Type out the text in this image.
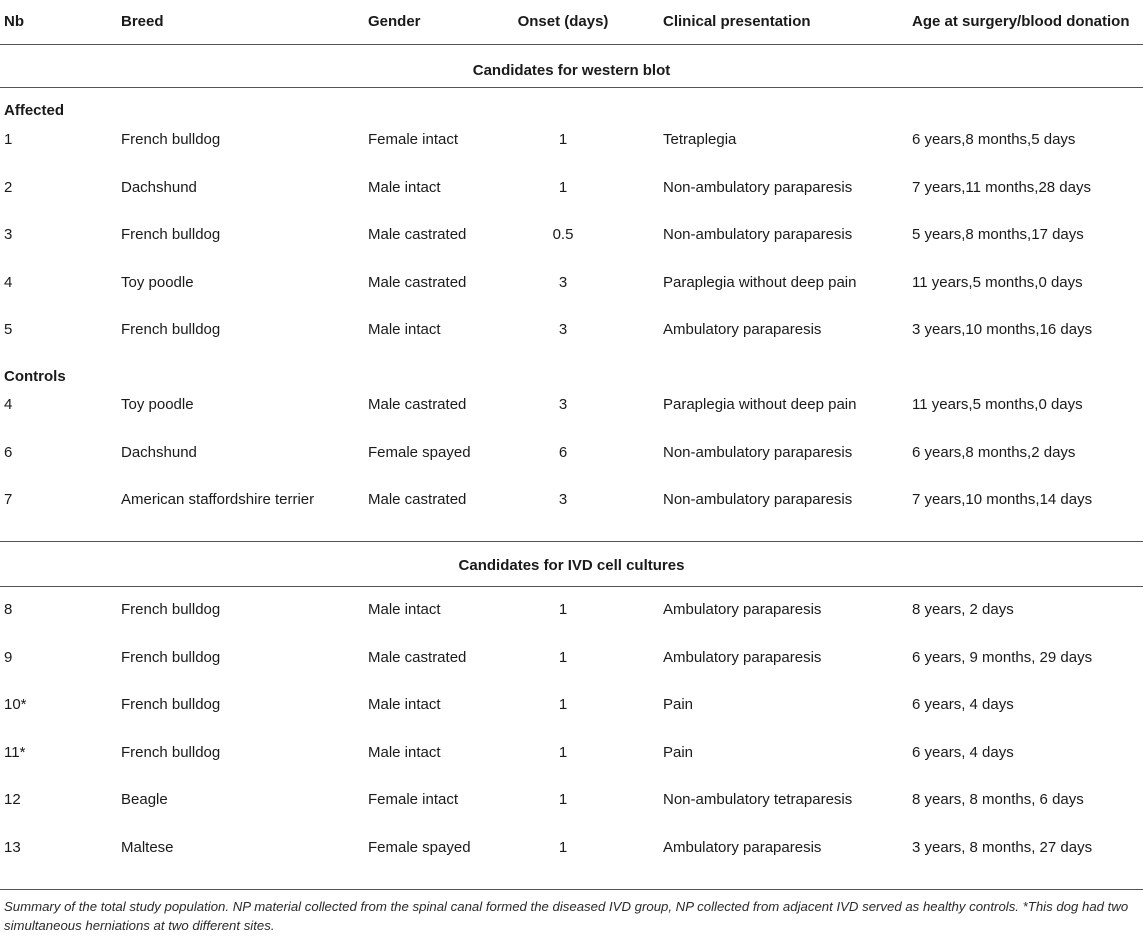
Nb	Breed	Gender	Onset (days)	Clinical presentation	Age at surgery/blood donation
Candidates for western blot
Affected
1	French bulldog	Female intact	1	Tetraplegia	6 years,8 months,5 days
2	Dachshund	Male intact	1	Non-ambulatory paraparesis	7 years,11 months,28 days
3	French bulldog	Male castrated	0.5	Non-ambulatory paraparesis	5 years,8 months,17 days
4	Toy poodle	Male castrated	3	Paraplegia without deep pain	11 years,5 months,0 days
5	French bulldog	Male intact	3	Ambulatory paraparesis	3 years,10 months,16 days
Controls
4	Toy poodle	Male castrated	3	Paraplegia without deep pain	11 years,5 months,0 days
6	Dachshund	Female spayed	6	Non-ambulatory paraparesis	6 years,8 months,2 days
7	American staffordshire terrier	Male castrated	3	Non-ambulatory paraparesis	7 years,10 months,14 days
Candidates for IVD cell cultures
8	French bulldog	Male intact	1	Ambulatory paraparesis	8 years, 2 days
9	French bulldog	Male castrated	1	Ambulatory paraparesis	6 years, 9 months, 29 days
10*	French bulldog	Male intact	1	Pain	6 years, 4 days
11*	French bulldog	Male intact	1	Pain	6 years, 4 days
12	Beagle	Female intact	1	Non-ambulatory tetraparesis	8 years, 8 months, 6 days
13	Maltese	Female spayed	1	Ambulatory paraparesis	3 years, 8 months, 27 days
Summary of the total study population. NP material collected from the spinal canal formed the diseased IVD group, NP collected from adjacent IVD served as healthy controls. *This dog had two simultaneous herniations at two different sites.
